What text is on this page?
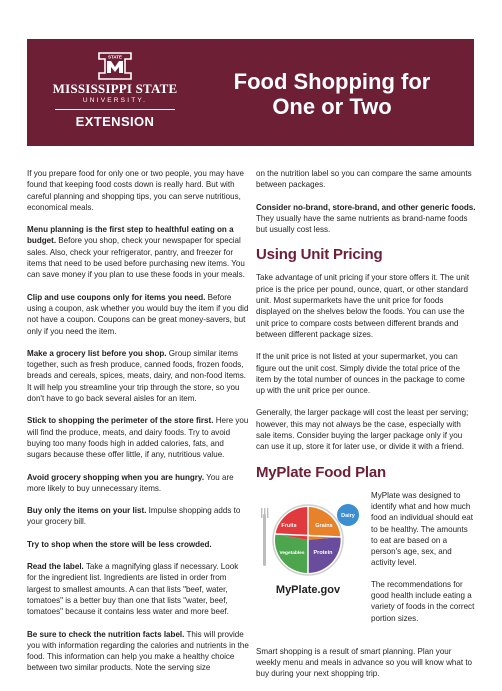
STATE
MISSISSIPPI STATE
UNIVERSITY.
EXTENSION
Food Shopping for
One or Two

If you prepare food for only one or two people, you may have found that keeping food costs down is really hard. But with careful planning and shopping tips, you can serve nutritious, economical meals.

Menu planning is the first step to healthful eating on a budget. Before you shop, check your newspaper for special sales. Also, check your refrigerator, pantry, and freezer for items that need to be used before purchasing new items. You can save money if you plan to use these foods in your meals.

Clip and use coupons only for items you need. Before using a coupon, ask whether you would buy the item if you did not have a coupon. Coupons can be great money-savers, but only if you need the item.

Make a grocery list before you shop. Group similar items together, such as fresh produce, canned foods, frozen foods, breads and cereals, spices, meats, dairy, and non-food items. It will help you streamline your trip through the store, so you don't have to go back several aisles for an item.

Stick to shopping the perimeter of the store first. Here you will find the produce, meats, and dairy foods. Try to avoid buying too many foods high in added calories, fats, and sugars because these offer little, if any, nutritious value.

Avoid grocery shopping when you are hungry. You are more likely to buy unnecessary items.

Buy only the items on your list. Impulse shopping adds to your grocery bill.

Try to shop when the store will be less crowded.

Read the label. Take a magnifying glass if necessary. Look for the ingredient list. Ingredients are listed in order from largest to smallest amounts. A can that lists "beef, water, tomatoes" is a better buy than one that lists "water, beef, tomatoes" because it contains less water and more beef.

Be sure to check the nutrition facts label. This will provide you with information regarding the calories and nutrients in the food. This information can help you make a healthy choice between two similar products. Note the serving size

on the nutrition label so you can compare the same amounts between packages.

Consider no-brand, store-brand, and other generic foods. They usually have the same nutrients as brand-name foods but usually cost less.

Using Unit Pricing

Take advantage of unit pricing if your store offers it. The unit price is the price per pound, ounce, quart, or other standard unit. Most supermarkets have the unit price for foods displayed on the shelves below the foods. You can use the unit price to compare costs between different brands and between different package sizes.

If the unit price is not listed at your supermarket, you can figure out the unit cost. Simply divide the total price of the item by the total number of ounces in the package to come up with the unit price per ounce.

Generally, the larger package will cost the least per serving; however, this may not always be the case, especially with sale items. Consider buying the larger package only if you can use it up, store it for later use, or divide it with a friend.

MyPlate Food Plan
Fruits	Grains
Vegetables Protein
Dairy
MyPlate.gov

MyPlate was designed to identify what and how much food an individual should eat to be healthy. The amounts to eat are based on a person's age, sex, and activity level.

The recommendations for good health include eating a variety of foods in the correct portion sizes.

Smart shopping is a result of smart planning. Plan your weekly menu and meals in advance so you will know what to buy during your next shopping trip.
